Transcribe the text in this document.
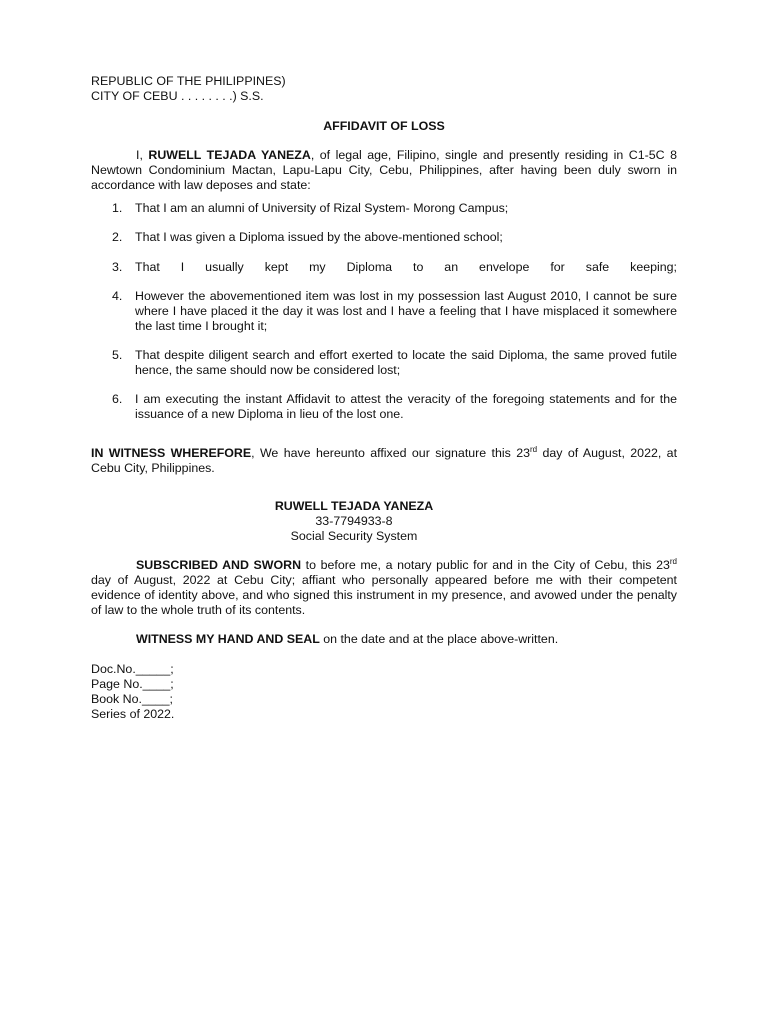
REPUBLIC OF THE PHILIPPINES)
CITY OF CEBU . . . . . . . .) S.S.
AFFIDAVIT OF LOSS
I, RUWELL TEJADA YANEZA, of legal age, Filipino, single and presently residing in C1-5C 8 Newtown Condominium Mactan, Lapu-Lapu City, Cebu, Philippines, after having been duly sworn in accordance with law deposes and state:
1.	That I am an alumni of University of Rizal System- Morong Campus;
2.	That I was given a Diploma issued by the above-mentioned school;
3.	That I usually kept my Diploma to an envelope for safe keeping;
4.	However the abovementioned item was lost in my possession last August 2010, I cannot be sure where I have placed it the day it was lost and I have a feeling that I have misplaced it somewhere the last time I brought it;
5.	That despite diligent search and effort exerted to locate the said Diploma, the same proved futile hence, the same should now be considered lost;
6.	I am executing the instant Affidavit to attest the veracity of the foregoing statements and for the issuance of a new Diploma in lieu of the lost one.
IN WITNESS WHEREFORE, We have hereunto affixed our signature this 23rd day of August, 2022, at Cebu City, Philippines.
RUWELL TEJADA YANEZA
33-7794933-8
Social Security System
SUBSCRIBED AND SWORN to before me, a notary public for and in the City of Cebu, this 23rd day of August, 2022 at Cebu City; affiant who personally appeared before me with their competent evidence of identity above, and who signed this instrument in my presence, and avowed under the penalty of law to the whole truth of its contents.
WITNESS MY HAND AND SEAL on the date and at the place above-written.
Doc.No._____;
Page No.____;
Book No.____;
Series of 2022.
